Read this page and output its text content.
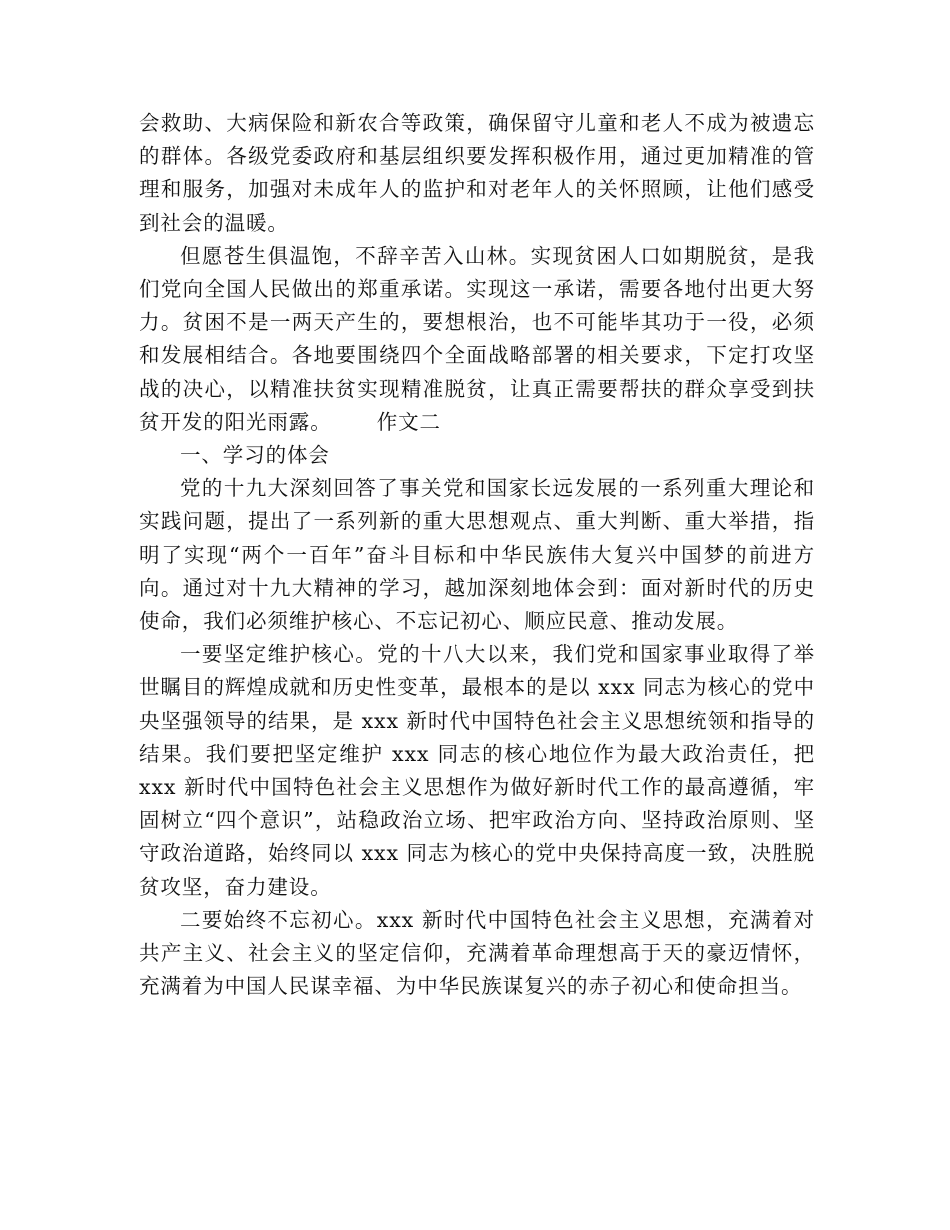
会救助、大病保险和新农合等政策，确保留守儿童和老人不成为被遗忘的群体。各级党委政府和基层组织要发挥积极作用，通过更加精准的管理和服务，加强对未成年人的监护和对老年人的关怀照顾，让他们感受到社会的温暖。

但愿苍生俱温饱，不辞辛苦入山林。实现贫困人口如期脱贫，是我们党向全国人民做出的郑重承诺。实现这一承诺，需要各地付出更大努力。贫困不是一两天产生的，要想根治，也不可能毕其功于一役，必须和发展相结合。各地要围绕四个全面战略部署的相关要求，下定打攻坚战的决心，以精准扶贫实现精准脱贫，让真正需要帮扶的群众享受到扶贫开发的阳光雨露。 作文二

一、学习的体会

党的十九大深刻回答了事关党和国家长远发展的一系列重大理论和实践问题，提出了一系列新的重大思想观点、重大判断、重大举措，指明了实现“两个一百年”奋斗目标和中华民族伟大复兴中国梦的前进方向。通过对十九大精神的学习，越加深刻地体会到：面对新时代的历史使命，我们必须维护核心、不忘记初心、顺应民意、推动发展。

一要坚定维护核心。党的十八大以来，我们党和国家事业取得了举世瞩目的辉煌成就和历史性变革，最根本的是以 xxx 同志为核心的党中央坚强领导的结果，是 xxx 新时代中国特色社会主义思想统领和指导的结果。我们要把坚定维护 xxx 同志的核心地位作为最大政治责任，把 xxx 新时代中国特色社会主义思想作为做好新时代工作的最高遵循，牢固树立“四个意识”，站稳政治立场、把牢政治方向、坚持政治原则、坚守政治道路，始终同以 xxx 同志为核心的党中央保持高度一致，决胜脱贫攻坚，奋力建设。

二要始终不忘初心。xxx 新时代中国特色社会主义思想，充满着对共产主义、社会主义的坚定信仰，充满着革命理想高于天的豪迈情怀，充满着为中国人民谋幸福、为中华民族谋复兴的赤子初心和使命担当。
